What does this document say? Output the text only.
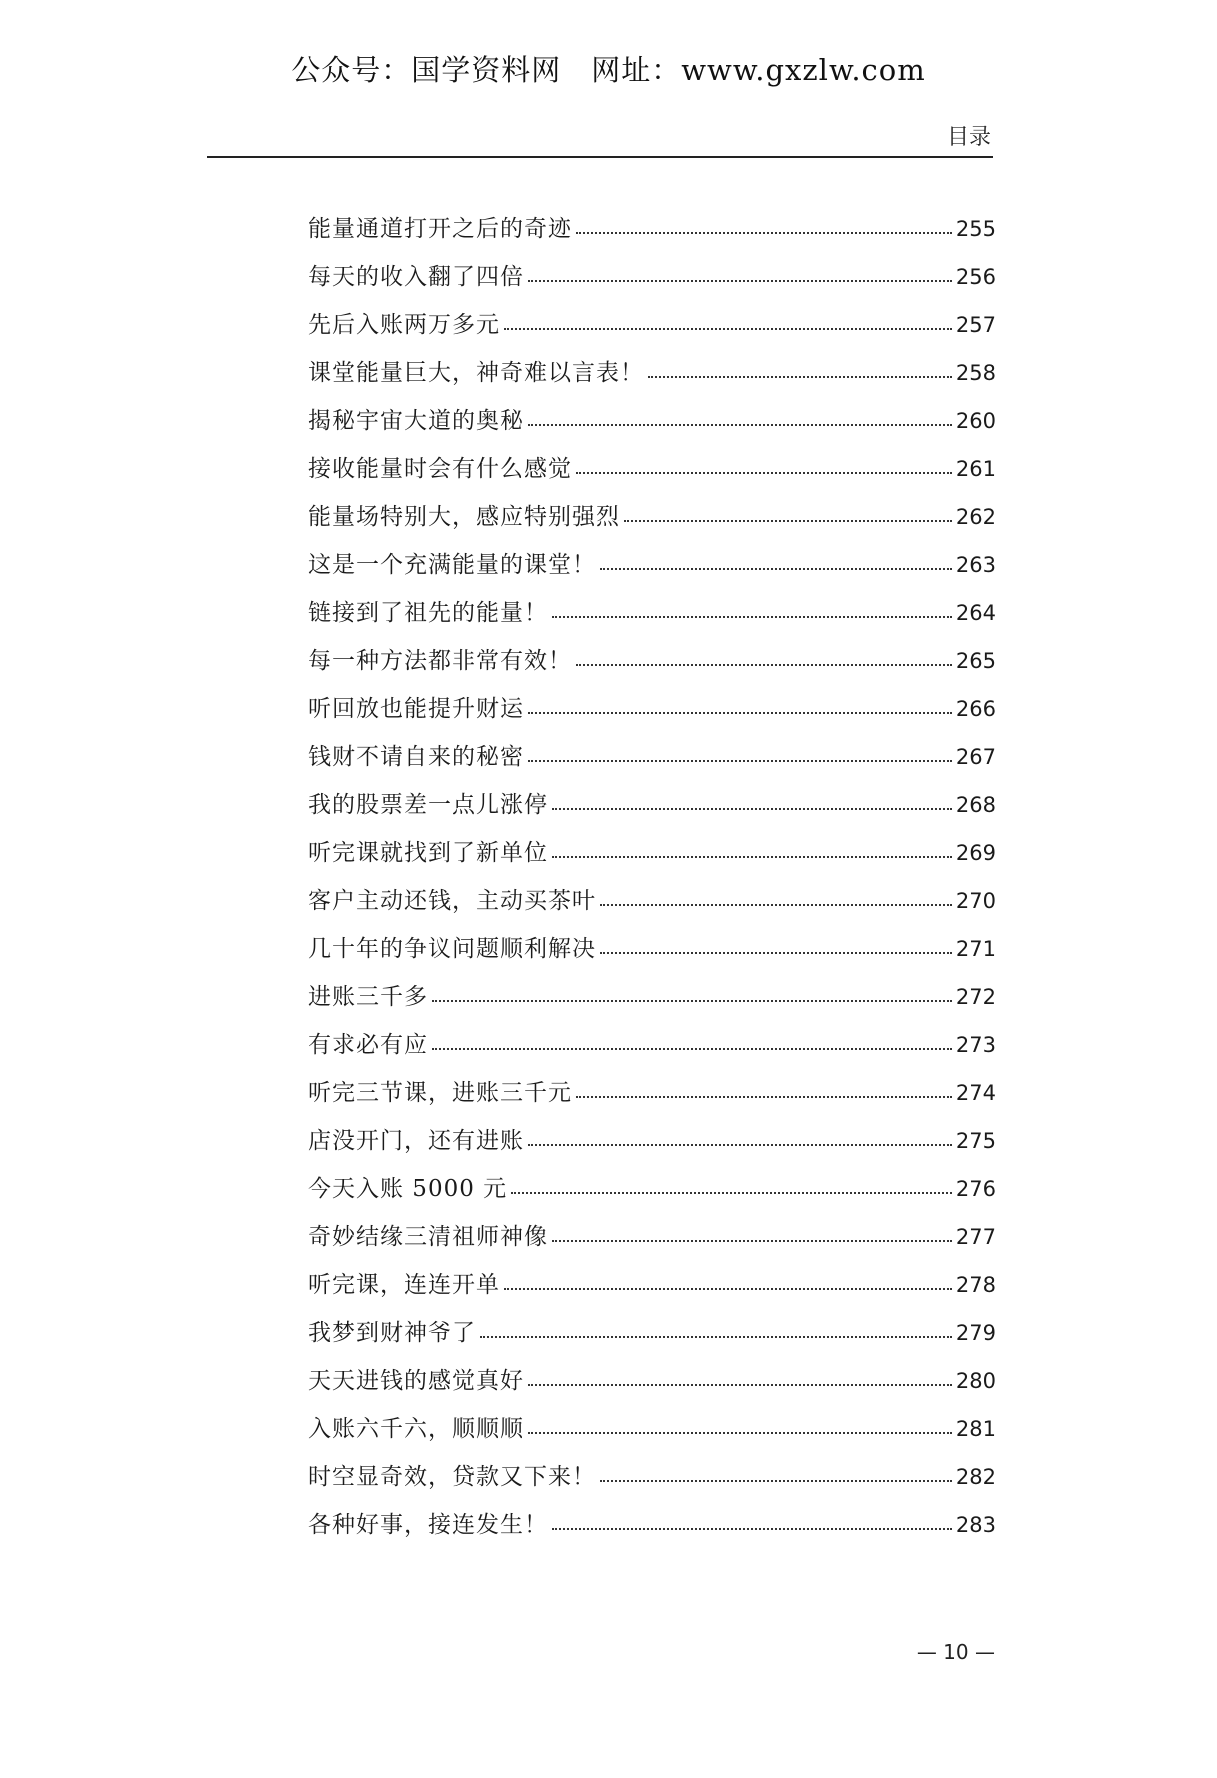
公众号：国学资料网　网址：www.gxzlw.com
目录
能量通道打开之后的奇迹	255
每天的收入翻了四倍	256
先后入账两万多元	257
课堂能量巨大，神奇难以言表！	258
揭秘宇宙大道的奥秘	260
接收能量时会有什么感觉	261
能量场特别大，感应特别强烈	262
这是一个充满能量的课堂！	263
链接到了祖先的能量！	264
每一种方法都非常有效！	265
听回放也能提升财运	266
钱财不请自来的秘密	267
我的股票差一点儿涨停	268
听完课就找到了新单位	269
客户主动还钱，主动买茶叶	270
几十年的争议问题顺利解决	271
进账三千多	272
有求必有应	273
听完三节课，进账三千元	274
店没开门，还有进账	275
今天入账 5000 元	276
奇妙结缘三清祖师神像	277
听完课，连连开单	278
我梦到财神爷了	279
天天进钱的感觉真好	280
入账六千六，顺顺顺	281
时空显奇效，贷款又下来！	282
各种好事，接连发生！	283
— 10 —
